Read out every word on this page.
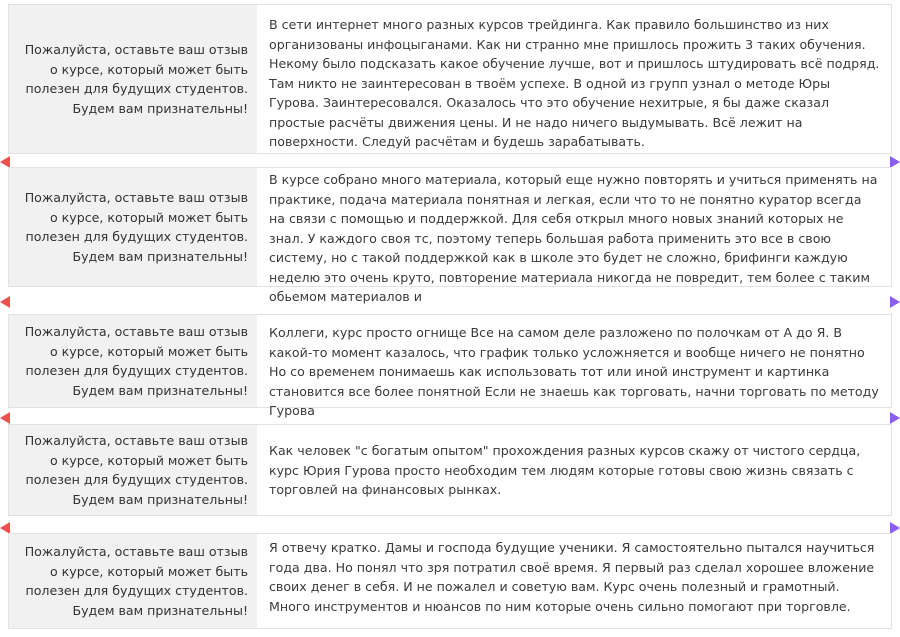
Пожалуйста, оставьте ваш отзыв о курсе, который может быть полезен для будущих студентов. Будем вам признательны!
В сети интернет много разных курсов трейдинга. Как правило большинство из них организованы инфоцыганами. Как ни странно мне пришлось прожить 3 таких обучения. Некому было подсказать какое обучение лучше, вот и пришлось штудировать всё подряд. Там никто не заинтересован в твоём успехе. В одной из групп узнал о методе Юры Гурова. Заинтересовался. Оказалось что это обучение нехитрые, я бы даже сказал простые расчёты движения цены. И не надо ничего выдумывать. Всё лежит на поверхности. Следуй расчётам и будешь зарабатывать.
Пожалуйста, оставьте ваш отзыв о курсе, который может быть полезен для будущих студентов. Будем вам признательны!
В курсе собрано много материала, который еще нужно повторять и учиться применять на практике, подача материала понятная и легкая, если что то не понятно куратор всегда на связи с помощью и поддержкой. Для себя открыл много новых знаний которых не знал. У каждого своя тс, поэтому теперь большая работа применить это все в свою систему, но с такой поддержкой как в школе это будет не сложно, брифинги каждую неделю это очень круто, повторение материала никогда не повредит, тем более с таким обьемом материалов и
Пожалуйста, оставьте ваш отзыв о курсе, который может быть полезен для будущих студентов. Будем вам признательны!
Коллеги, курс просто огнище Все на самом деле разложено по полочкам от А до Я. В какой-то момент казалось, что график только усложняется и вообще ничего не понятно Но со временем понимаешь как использовать тот или иной инструмент и картинка становится все более понятной Если не знаешь как торговать, начни торговать по методу Гурова
Пожалуйста, оставьте ваш отзыв о курсе, который может быть полезен для будущих студентов. Будем вам признательны!
Как человек "с богатым опытом" прохождения разных курсов скажу от чистого сердца, курс Юрия Гурова просто необходим тем людям которые готовы свою жизнь связать с торговлей на финансовых рынках.
Пожалуйста, оставьте ваш отзыв о курсе, который может быть полезен для будущих студентов. Будем вам признательны!
Я отвечу кратко. Дамы и господа будущие ученики. Я самостоятельно пытался научиться года два. Но понял что зря потратил своё время. Я первый раз сделал хорошее вложение своих денег в себя. И не пожалел и советую вам. Курс очень полезный и грамотный. Много инструментов и нюансов по ним которые очень сильно помогают при торговле.
